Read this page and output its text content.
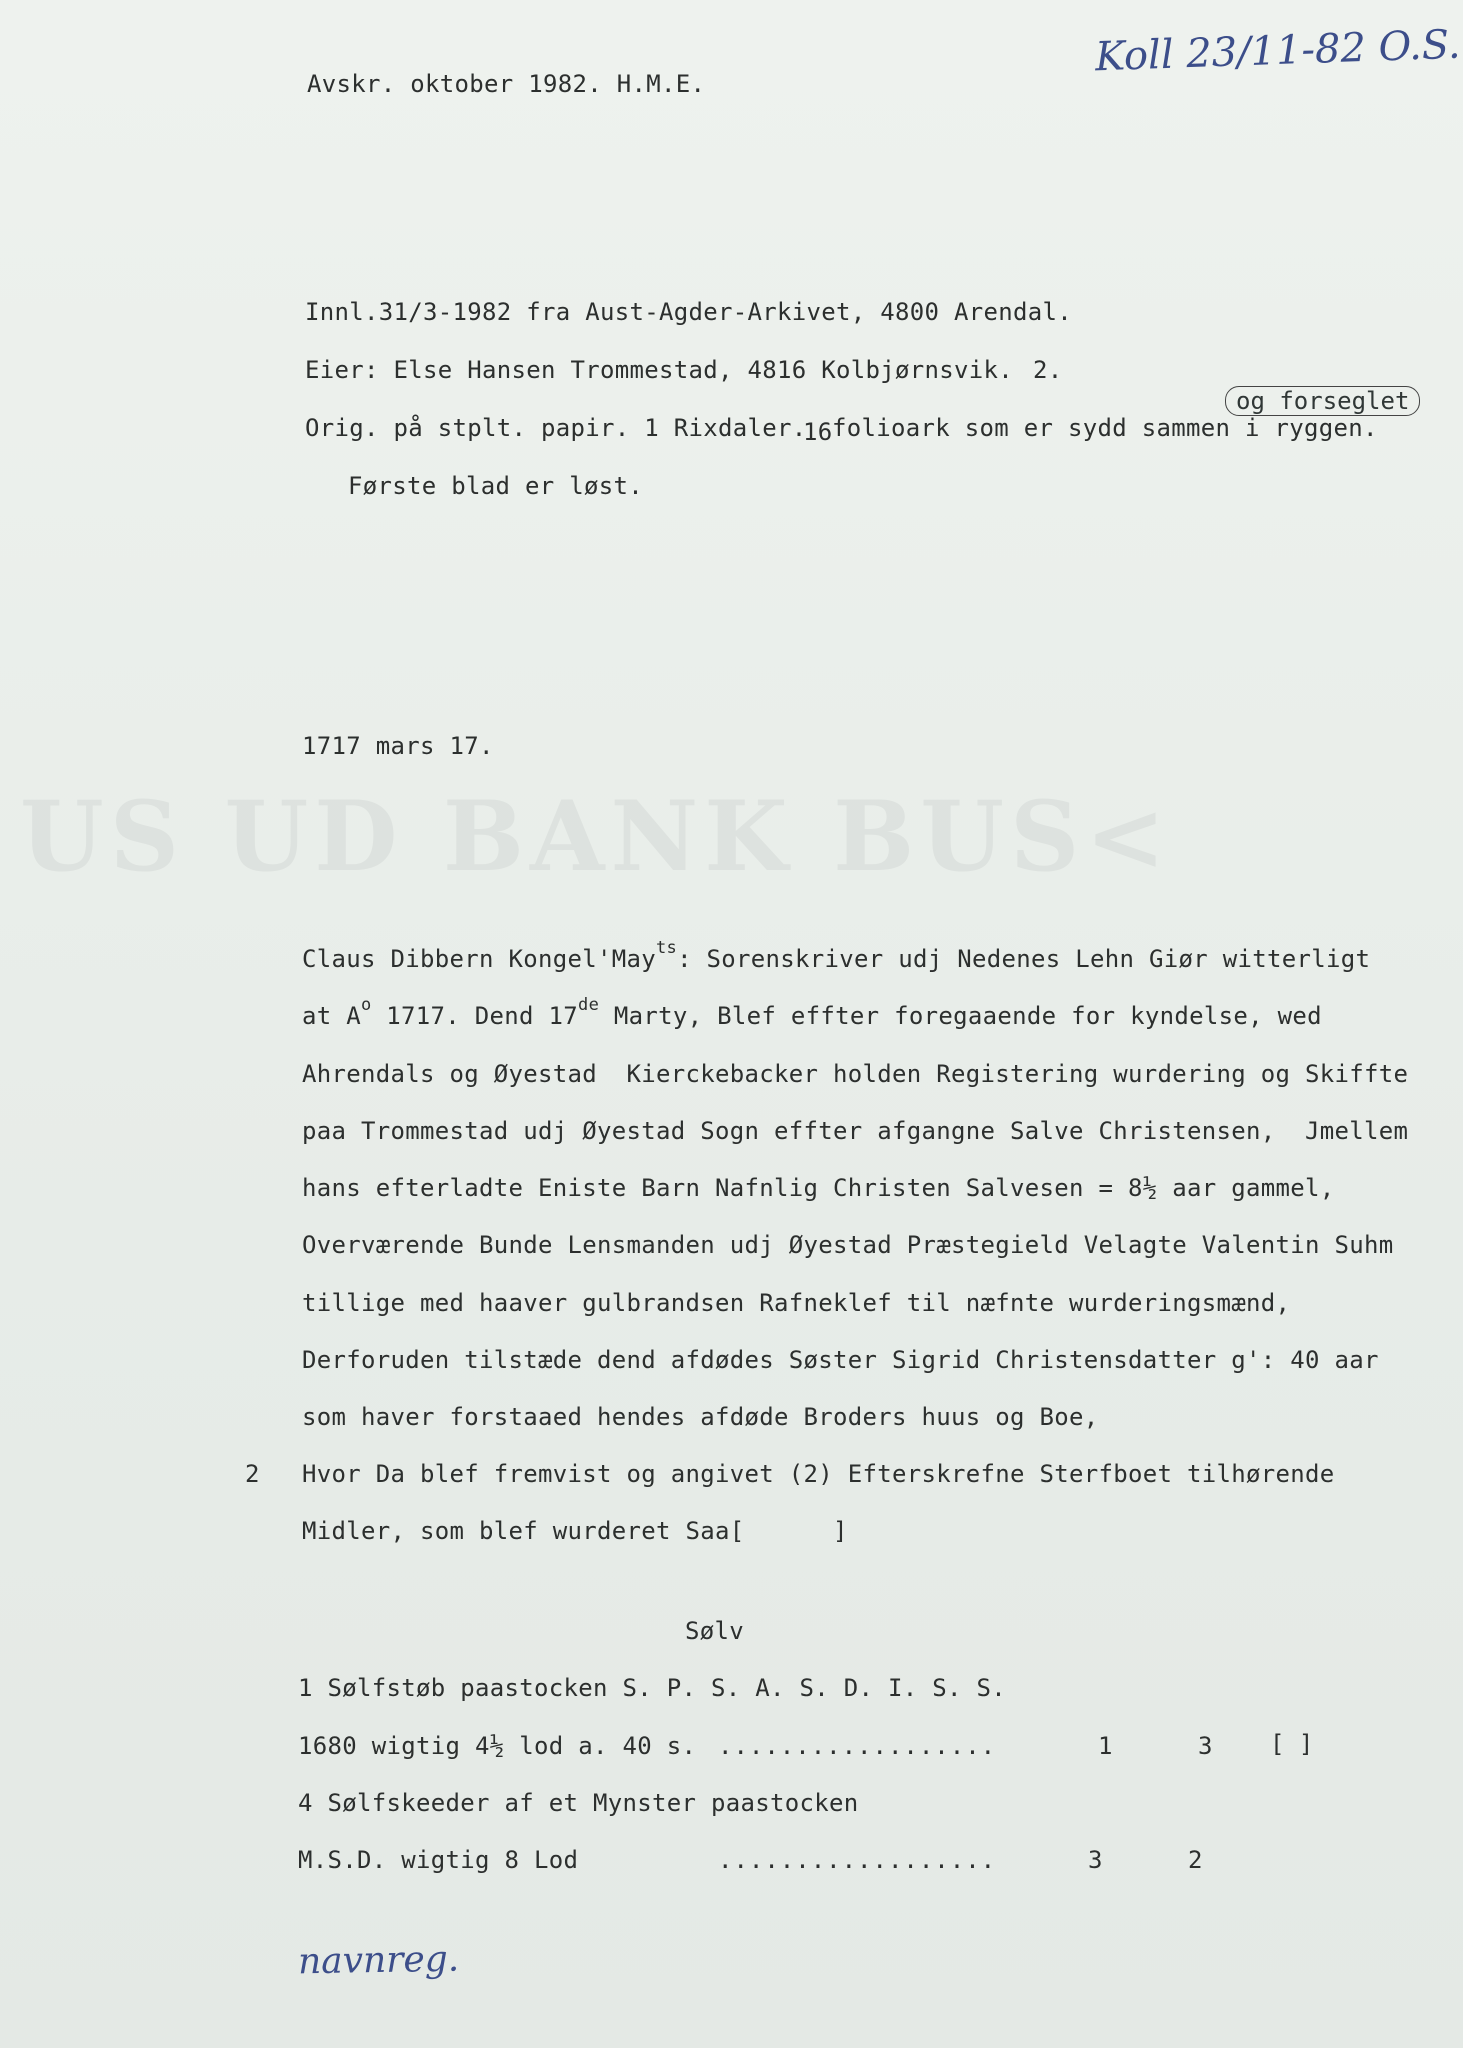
US UD BANK BUS<
Avskr. oktober 1982. H.M.E.
Koll 23/11-82 O.S.
Innl.31/3-1982 fra Aust-Agder-Arkivet, 4800 Arendal.
Eier: Else Hansen Trommestad, 4816 Kolbjørnsvik. 2.
Orig. på stplt. papir. 1 Rixdaler.
16 folioark som er sydd sammen i ryggen.
og forseglet
Første blad er løst.
1717 mars 17.
Claus Dibbern Kongel'May$^{ts}$: Sorenskriver udj Nedenes Lehn Giør witterligt
at $A^o$ 1717. Dend 17de Marty, Blef effter foregaaende for kyndelse, wed
Ahrendals og Øyestad  Kierckebacker holden Registering wurdering og Skiffte
paa Trommestad udj Øyestad Sogn effter afgangne Salve Christensen,  Jmellem
hans efterladte Eniste Barn Nafnlig Christen Salvesen = 8½ aar gammel,
Overværende Bunde Lensmanden udj Øyestad Præstegield Velagte Valentin Suhm
tillige med haaver gulbrandsen Rafneklef til næfnte wurderingsmænd,
Derforuden tilstæde dend afdødes Søster Sigrid Christensdatter g': 40 aar
som haver forstaaed hendes afdøde Broders huus og Boe,
2 Hvor Da blef fremvist og angivet (2) Efterskrefne Sterfboet tilhørende
Midler, som blef wurderet Saa[      ]
Sølv
1 Sølfstøb paastocken S. P. S. A. S. D. I. S. S.
1680 wigtig 4½ lod a. 40 s. ..................	1	3 [ ]
4 Sølfskeeder af et Mynster paastocken
M.S.D. wigtig 8 Lod	..................	3	2
navnreg.
